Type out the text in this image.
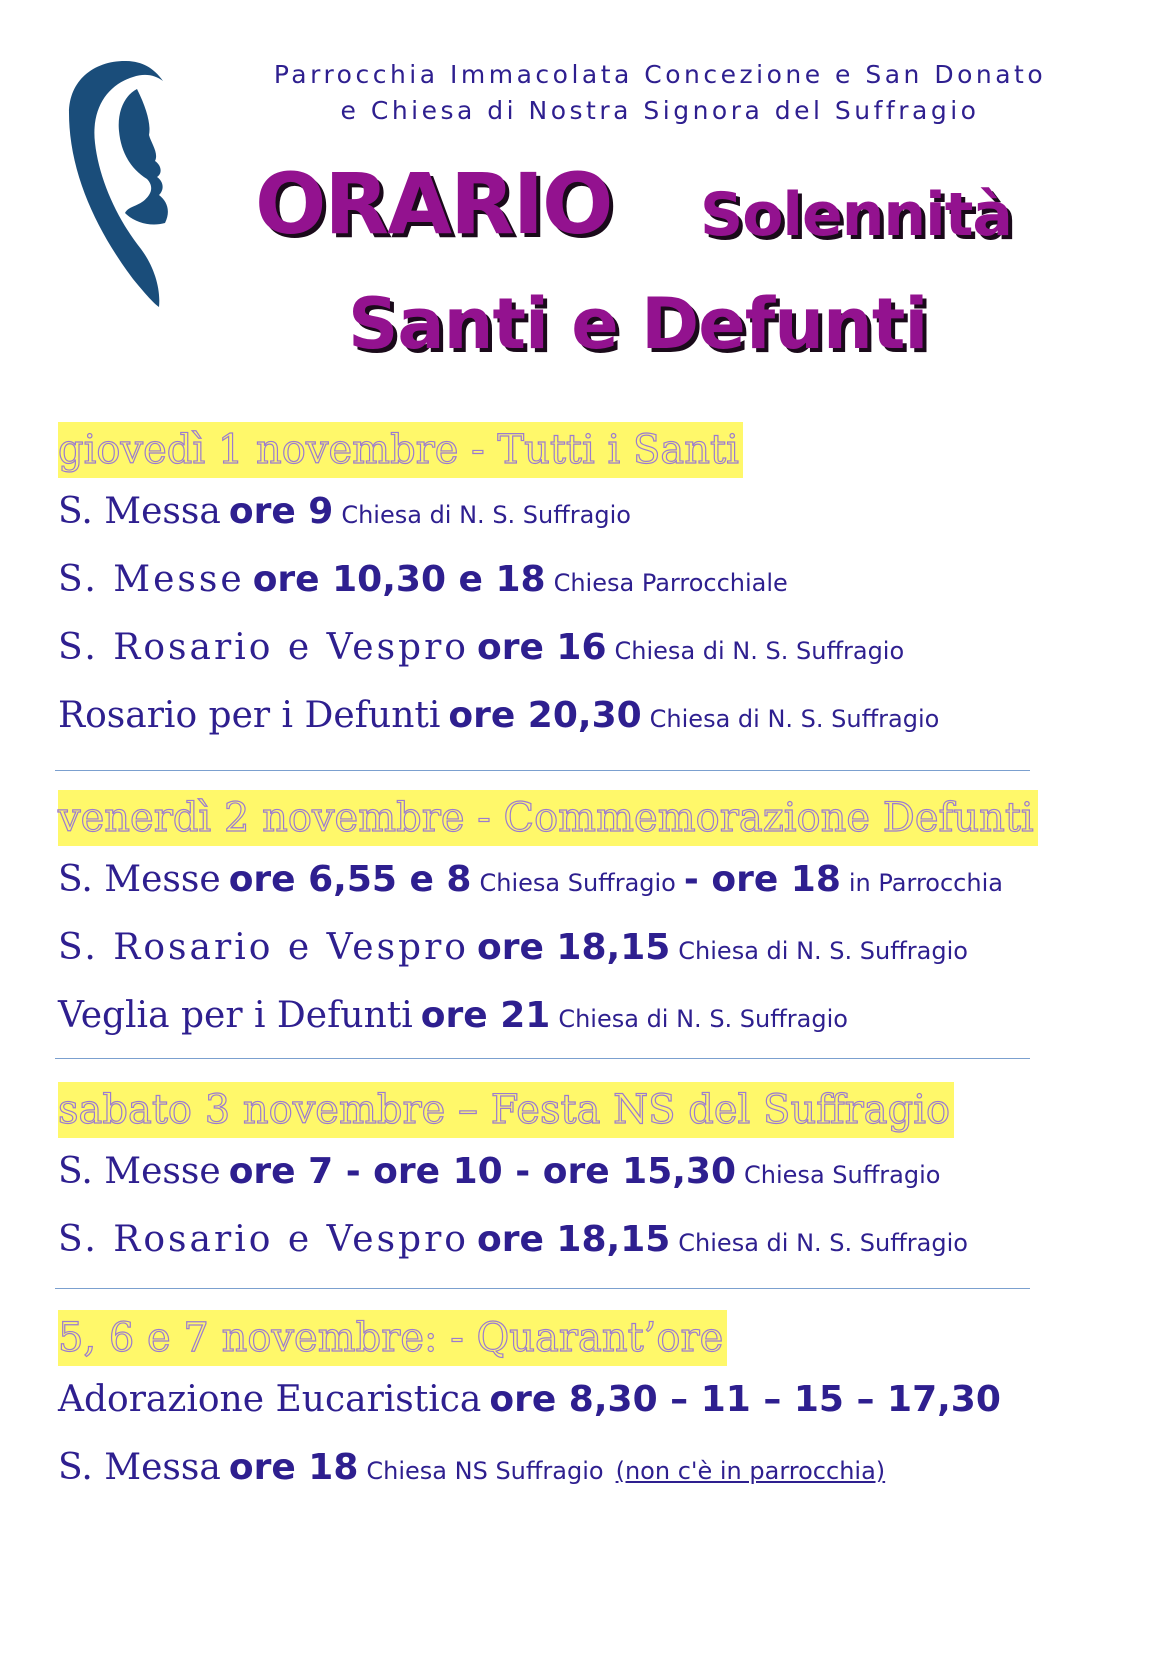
Parrocchia Immacolata Concezione e San Donato
e Chiesa di Nostra Signora del Suffragio
ORARIO Solennità
Santi e Defunti
giovedì 1 novembre - Tutti i Santi
S. Messa ore 9 Chiesa di N. S. Suffragio
S. Messe ore 10,30 e 18 Chiesa Parrocchiale
S. Rosario e Vespro ore 16 Chiesa di N. S. Suffragio
Rosario per i Defunti ore 20,30 Chiesa di N. S. Suffragio
venerdì 2 novembre - Commemorazione Defunti
S. Messe ore 6,55 e 8 Chiesa Suffragio - ore 18 in Parrocchia
S. Rosario e Vespro ore 18,15 Chiesa di N. S. Suffragio
Veglia per i Defunti ore 21 Chiesa di N. S. Suffragio
sabato 3 novembre – Festa NS del Suffragio
S. Messe ore 7 - ore 10 - ore 15,30 Chiesa Suffragio
S. Rosario e Vespro ore 18,15 Chiesa di N. S. Suffragio
5, 6 e 7 novembre: - Quarant’ore
Adorazione Eucaristica ore 8,30 – 11 – 15 – 17,30
S. Messa ore 18 Chiesa NS Suffragio (non c'è in parrocchia)
